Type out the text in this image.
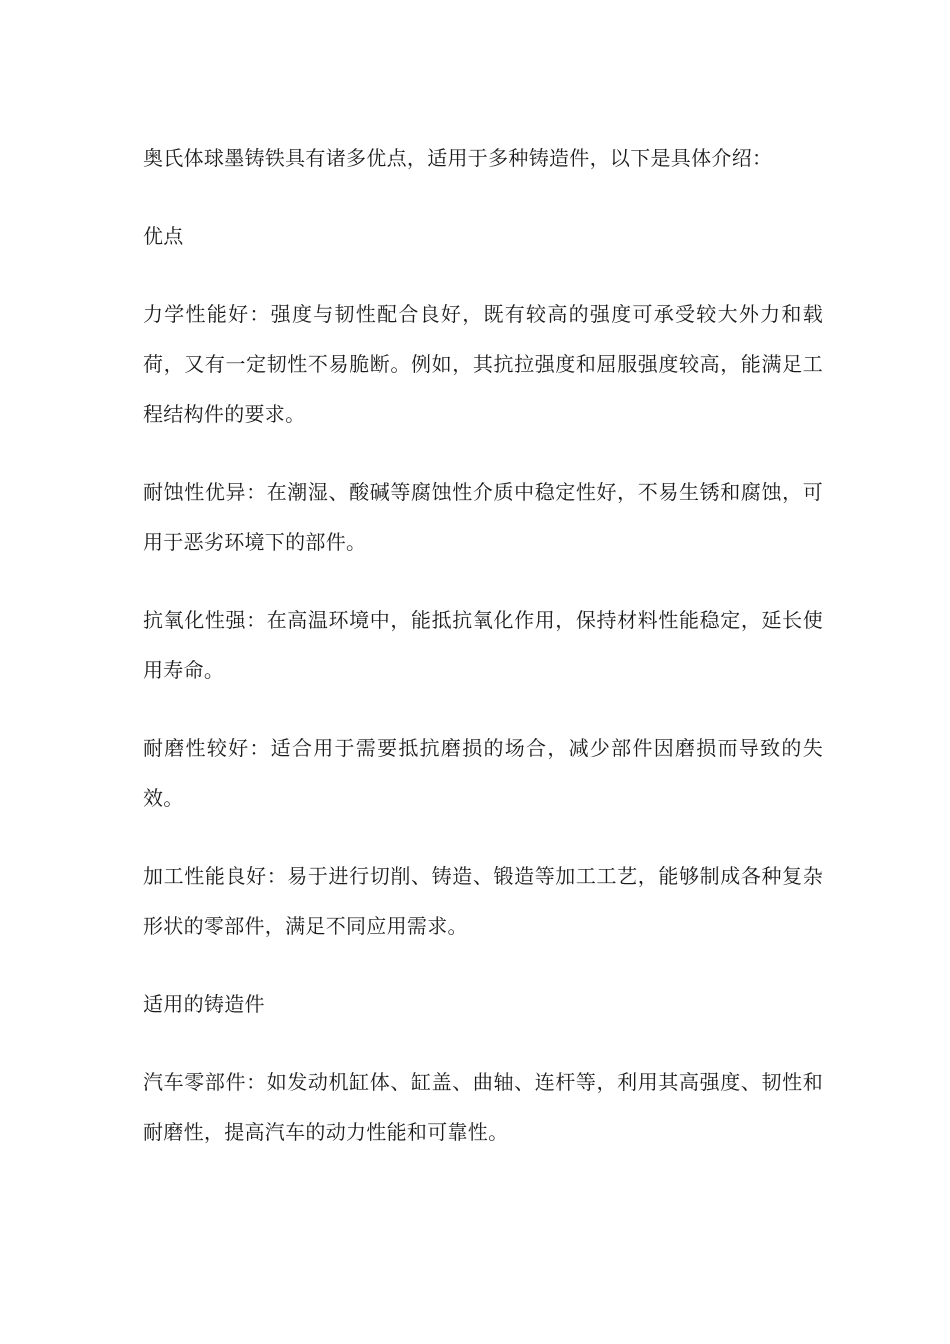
奥氏体球墨铸铁具有诸多优点，适用于多种铸造件，以下是具体介绍：

优点

力学性能好：强度与韧性配合良好，既有较高的强度可承受较大外力和载荷，又有一定韧性不易脆断。例如，其抗拉强度和屈服强度较高，能满足工程结构件的要求。

耐蚀性优异：在潮湿、酸碱等腐蚀性介质中稳定性好，不易生锈和腐蚀，可用于恶劣环境下的部件。

抗氧化性强：在高温环境中，能抵抗氧化作用，保持材料性能稳定，延长使用寿命。

耐磨性较好：适合用于需要抵抗磨损的场合，减少部件因磨损而导致的失效。

加工性能良好：易于进行切削、铸造、锻造等加工工艺，能够制成各种复杂形状的零部件，满足不同应用需求。

适用的铸造件

汽车零部件：如发动机缸体、缸盖、曲轴、连杆等，利用其高强度、韧性和耐磨性，提高汽车的动力性能和可靠性。
